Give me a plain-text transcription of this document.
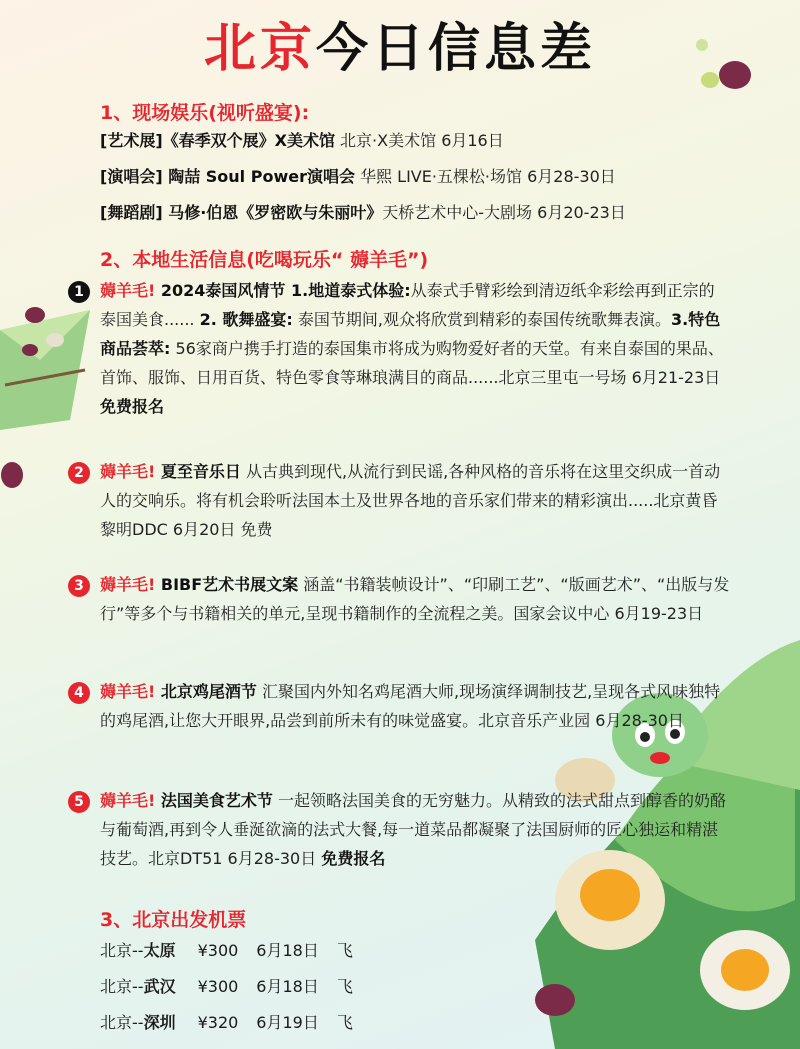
北京今日信息差
1、现场娱乐(视听盛宴):
[艺术展]《春季双个展》X美术馆 北京·X美术馆 6月16日
[演唱会] 陶喆 Soul Power演唱会 华熙 LIVE·五棵松·场馆 6月28-30日
[舞蹈剧] 马修·伯恩《罗密欧与朱丽叶》天桥艺术中心-大剧场 6月20-23日
2、本地生活信息(吃喝玩乐“ 薅羊毛”)
1	薅羊毛! 2024泰国风情节 1.地道泰式体验:从泰式手臂彩绘到清迈纸伞彩绘再到正宗的泰国美食...... 2. 歌舞盛宴: 泰国节期间,观众将欣赏到精彩的泰国传统歌舞表演。3.特色商品荟萃: 56家商户携手打造的泰国集市将成为购物爱好者的天堂。有来自泰国的果品、首饰、服饰、日用百货、特色零食等琳琅满目的商品......北京三里屯一号场 6月21-23日 免费报名
2	薅羊毛! 夏至音乐日 从古典到现代,从流行到民谣,各种风格的音乐将在这里交织成一首动人的交响乐。将有机会聆听法国本土及世界各地的音乐家们带来的精彩演出.....北京黄昏黎明DDC 6月20日 免费
3	薅羊毛! BIBF艺术书展文案 涵盖“书籍装帧设计”、“印刷工艺”、“版画艺术”、“出版与发行”等多个与书籍相关的单元,呈现书籍制作的全流程之美。国家会议中心 6月19-23日
4	薅羊毛! 北京鸡尾酒节 汇聚国内外知名鸡尾酒大师,现场演绎调制技艺,呈现各式风味独特的鸡尾酒,让您大开眼界,品尝到前所未有的味觉盛宴。北京音乐产业园 6月28-30日
5	薅羊毛! 法国美食艺术节 一起领略法国美食的无穷魅力。从精致的法式甜点到醇香的奶酪与葡萄酒,再到令人垂涎欲滴的法式大餐,每一道菜品都凝聚了法国厨师的匠心独运和精湛技艺。北京DT51 6月28-30日 免费报名
3、北京出发机票
北京--太原 ¥300 6月18日 飞
北京--武汉 ¥300 6月18日 飞
北京--深圳 ¥320 6月19日 飞
